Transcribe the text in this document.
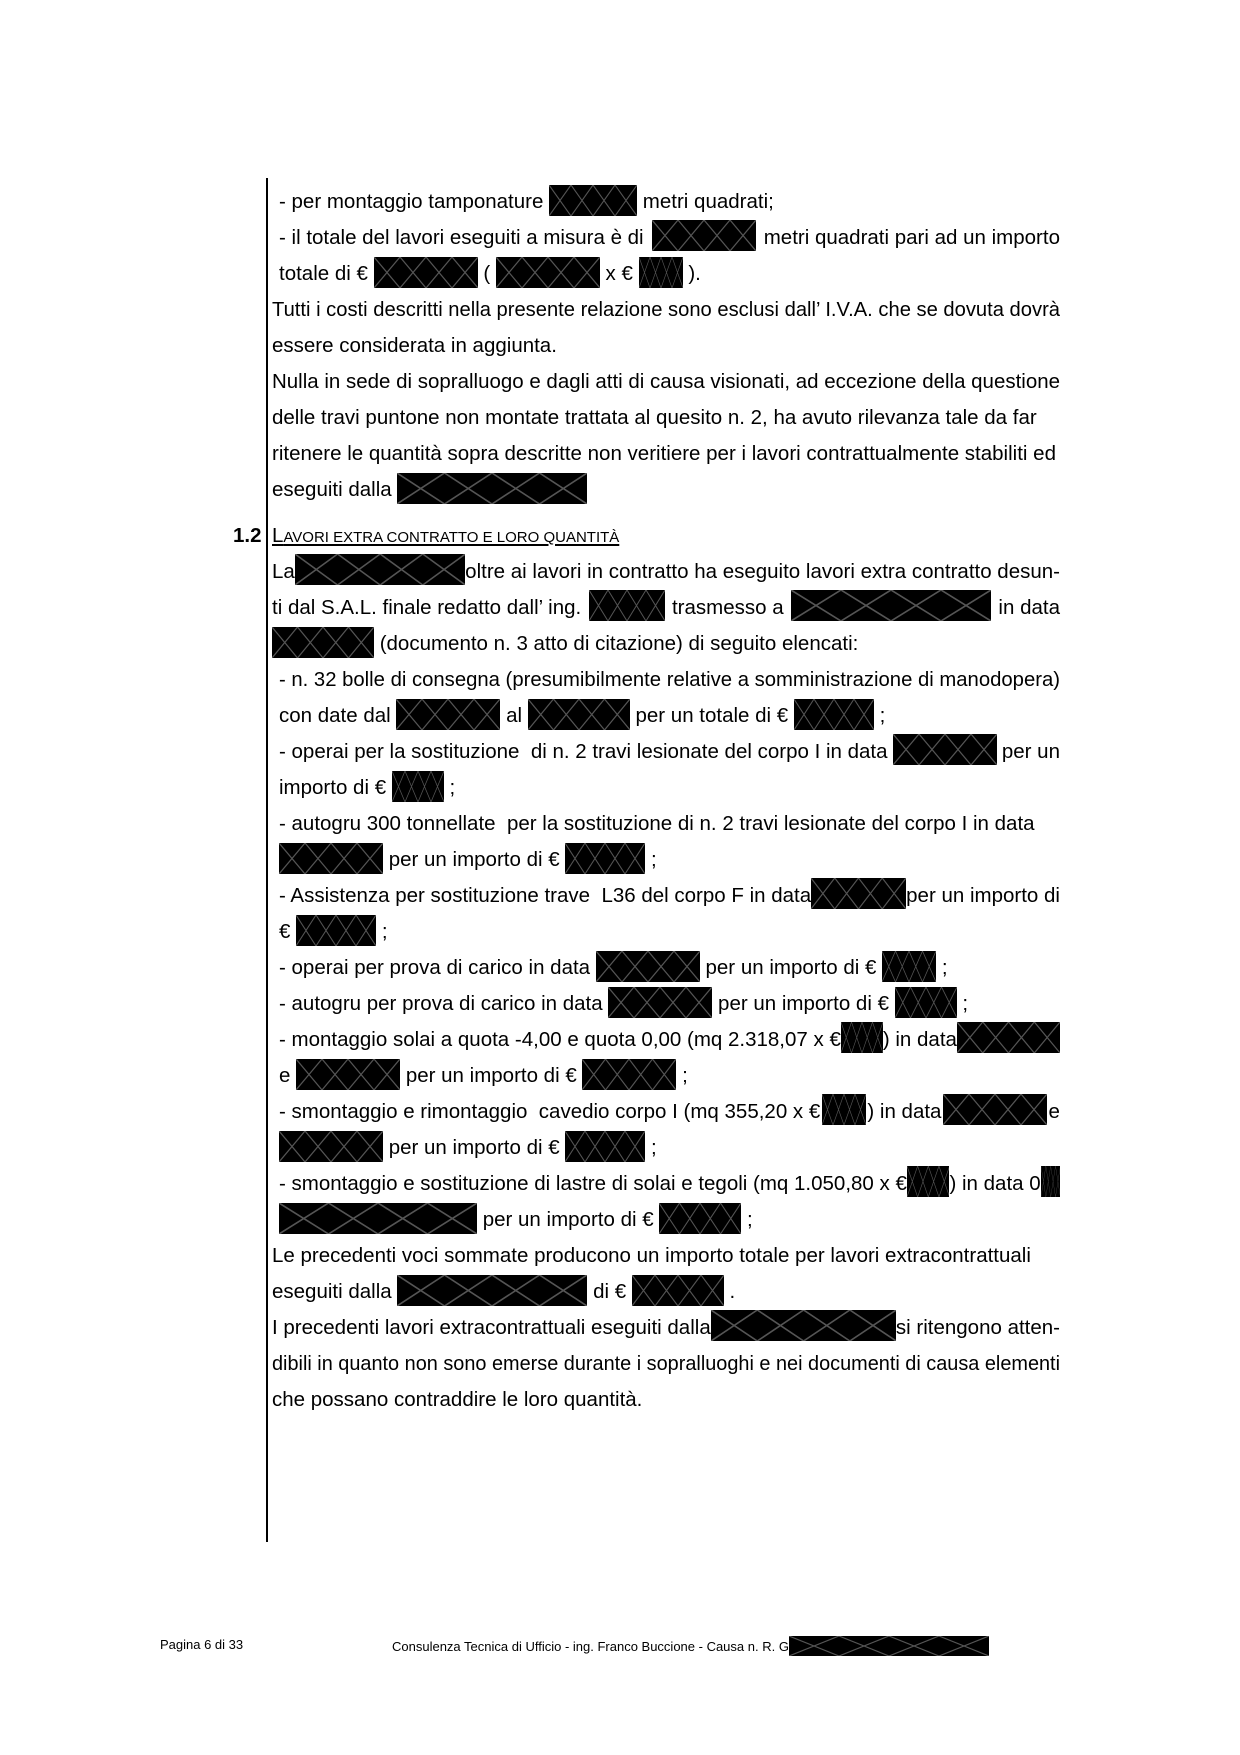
1.2 LAVORI EXTRA CONTRATTO E LORO QUANTITÀ
- per montaggio tamponature	metri quadrati;
- il totale del lavori eseguiti a misura è di	metri quadrati pari ad un importo
totale di €	(	x €	).
Tutti i costi descritti nella presente relazione sono esclusi dall’ I.V.A. che se dovuta dovrà
essere considerata in aggiunta.
Nulla in sede di sopralluogo e dagli atti di causa visionati, ad eccezione della questione
delle travi puntone non montate trattata al quesito n. 2, ha avuto rilevanza tale da far
ritenere le quantità sopra descritte non veritiere per i lavori contrattualmente stabiliti ed
eseguiti dalla
La	oltre ai lavori in contratto ha eseguito lavori extra contratto desun-
ti dal S.A.L. finale redatto dall’ ing.	trasmesso a	in data
(documento n. 3 atto di citazione) di seguito elencati:
- n. 32 bolle di consegna (presumibilmente relative a somministrazione di manodopera)
con date dal	al	per un totale di €	;
- operai per la sostituzione  di n. 2 travi lesionate del corpo I in data	per un
importo di €	;
- autogru 300 tonnellate  per la sostituzione di n. 2 travi lesionate del corpo I in data
per un importo di €	;
- Assistenza per sostituzione trave  L36 del corpo F in data	per un importo di
€	;
- operai per prova di carico in data	per un importo di €	;
- autogru per prova di carico in data	per un importo di €	;
- montaggio solai a quota -4,00 e quota 0,00 (mq 2.318,07 x € ) in data
e	per un importo di €	;
- smontaggio e rimontaggio  cavedio corpo I (mq 355,20 x € ) in data	e
per un importo di €	;
- smontaggio e sostituzione di lastre di solai e tegoli (mq 1.050,80 x € ) in data 0
per un importo di €	;
Le precedenti voci sommate producono un importo totale per lavori extracontrattuali
eseguiti dalla	di €	.
I precedenti lavori extracontrattuali eseguiti dalla	si ritengono atten-
dibili in quanto non sono emerse durante i sopralluoghi e nei documenti di causa elementi
che possano contraddire le loro quantità.
Pagina 6 di 33	Consulenza Tecnica di Ufficio - ing. Franco Buccione - Causa n. R. G
